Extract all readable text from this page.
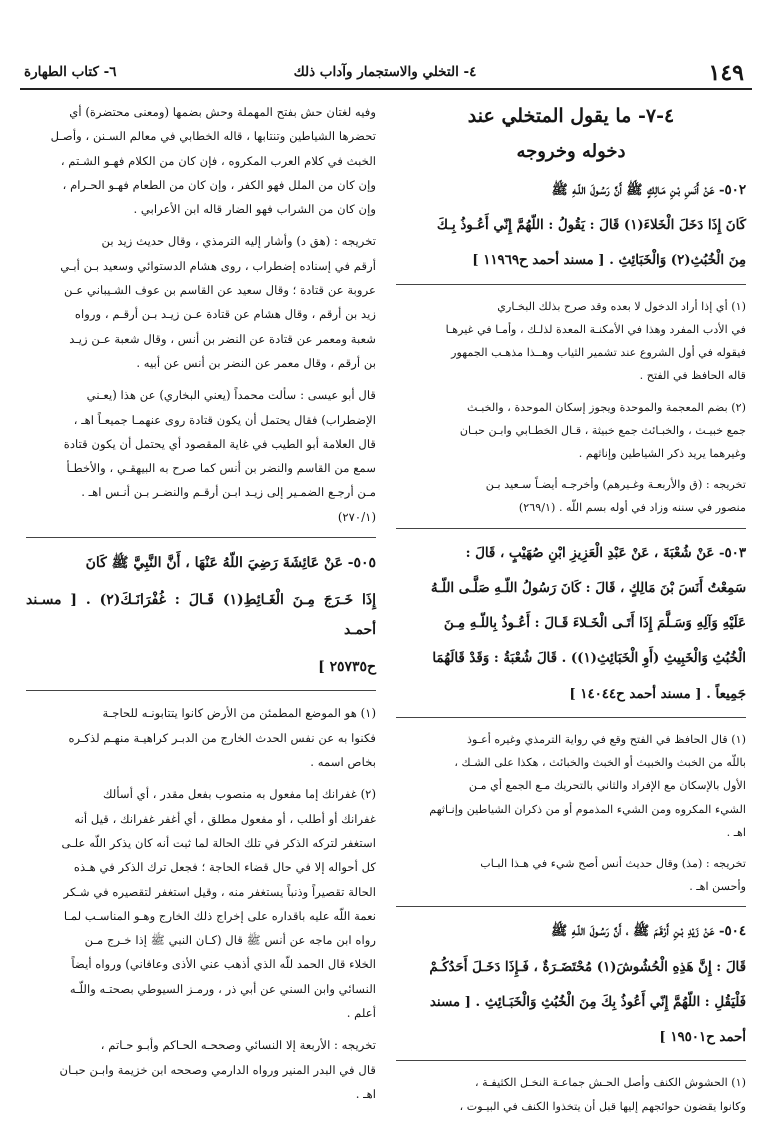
١٤٩
٤- التخلي والاستجمار وآداب ذلك
٦- كتاب الطهارة

٤-٧- ما يقول المتخلي عند

دخوله وخروجه

٥٠٢- عَنْ أَنَسِ بْـنِ مَـالِكٍ ﷺ أَنَّ رَسُـولَ اللّـهِ ﷺ

كَانَ إِذَا دَخَلَ الْخَلاءَ(١) قَالَ : يَقُولُ : اللّهُمَّ إِنّي أَعُـوذُ بِـكَ

مِنَ الْخُبُثِ(٢) وَالْخَبَائِثِ . [ مسند أحمد ح١١٩٦٩ ]

(١) أي إذا أراد الدخول لا بعده وقد صرح بذلك البخـاري

في الأدب المفرد وهذا في الأمكنـة المعدة لذلـك ، وأمـا في غيرهـا

فيقوله في أول الشروع عند تشمير الثياب وهــذا مذهـب الجمهور

قاله الحافظ في الفتح .

(٢) بضم المعجمة والموحدة ويجوز إسكان الموحدة ، والخبـث

جمع خبيـث ، والخبـائث جمع خبيثة ، قـال الخطـابي وابـن حبـان

وغيرهما يريد ذكر الشياطين وإناثهم .

تخريجه : (ق والأربعـة وغـيرهم) وأخرجـه أيضـاً سـعيد بـن

منصور في سننه وزاد في أوله بسم اللّه . (٢٦٩/١)

٥٠٣- عَنْ شُعْبَةَ ، عَنْ عَبْدِ الْعَزِيزِ ابْنِ صُهَيْبٍ ، قَالَ :

سَمِعْتُ أَنَسَ بْنَ مَالِكٍ ، قَالَ : كَانَ رَسُولُ اللّـهِ صَلَّـى اللّـهُ

عَلَيْهِ وَآلِهِ وَسَـلَّمَ إِذَا أَتَـى الْخَـلاءَ قَـالَ : أَعُـوذُ بِاللّـهِ مِـنَ

الْخُبُثِ وَالْخَبِيثِ (أَوِ الْخَبَائِثِ(١)) . قَالَ شُعْبَةُ : وَقَدْ قَالَهُمَا

جَمِيعاً . [ مسند أحمد ح١٤٠٤٤ ]

(١) قال الحافظ في الفتح وقع في رواية الترمذي وغيره أعـوذ

باللّه من الخبث والخبيث أو الخبث والخبائث ، هكذا على الشـك ،

الأول بالإسكان مع الإفراد والثاني بالتحريك مـع الجمع أي مـن

الشيء المكروه ومن الشيء المذموم أو من ذكران الشياطين وإنـاثهم

اهـ .

تخريجه : (مذ) وقال حديث أنس أصح شيء في هـذا البـاب

وأحسن اهـ .

٥٠٤- عَنْ زَيْدِ بْـنِ أَرْقَـمَ ﷺ ، أَنَّ رَسُـولَ اللّـهِ ﷺ

قَالَ : إِنَّ هَذِهِ الْحُشُوشَ(١) مُحْتَضَـرَةٌ ، فَـإِذَا دَخَـلَ أَحَدُكُـمْ

فَلْيَقُلِ : اللّهُمَّ إِنّي أَعُوذُ بِكَ مِنَ الْخُبُثِ وَالْخَبَـائِثِ . [ مسند

أحمد ح١٩٥٠١ ]

(١) الحشوش الكنف وأصل الحـش جماعـة النخـل الكثيفـة ،

وكانوا يقضون حوائجهم إليها قبل أن يتخذوا الكنف في البيـوت ،

وفيه لغتان حش بفتح المهملة وحش بضمها (ومعنى محتضرة) أي

تحضرها الشياطين وتنتابها ، قاله الخطابي في معالم السـنن ، وأصـل

الخبث في كلام العرب المكروه ، فإن كان من الكلام فهـو الشـتم ،

وإن كان من الملل فهو الكفر ، وإن كان من الطعام فهـو الحـرام ،

وإن كان من الشراب فهو الضار قاله ابن الأعرابي .

تخريجه : (هق د) وأشار إليه الترمذي ، وقال حديث زيد بن

أرقم في إسناده إضطراب ، روى هشام الدستوائي وسعيد بـن أبـي

عروبة عن قتادة ؛ وقال سعيد عن القاسم بن عوف الشـيباني عـن

زيد بن أرقم ، وقال هشام عن قتادة عـن زيـد بـن أرقـم ، ورواه

شعبة ومعمر عن قتادة عن النضر بن أنس ، وقال شعبة عـن زيـد

بن أرقم ، وقال معمر عن النضر بن أنس عن أبيه .

قال أبو عيسى : سألت محمداً (يعني البخاري) عن هذا (يعـني

الإضطراب) فقال يحتمل أن يكون قتادة روى عنهمـا جميعـاً اهـ ،

قال العلامة أبو الطيب في غاية المقصود أي يحتمل أن يكون قتادة

سمع من القاسم والنضر بن أنس كما صرح به البيهقـي ، والأخطـأ

مـن أرجـع الضمـير إلى زيـد ابـن أرقـم والنضـر بـن أنـس اهـ .

(٢٧٠/١)

٥٠٥- عَنْ عَائِشَةَ رَضِيَ اللّهُ عَنْهَا ، أَنَّ النَّبِيَّ ﷺ كَانَ

إِذَا خَـرَجَ مِـنَ الْغَـائِطِ(١) قَـالَ : غُفْرَانَـكَ(٢) . [ مسـند أحمـد

ح٢٥٧٣٥ ]

(١) هو الموضع المطمئن من الأرض كانوا يتتابونـه للحاجـة

فكنوا به عن نفس الحدث الخارج من الدبـر كراهيـة منهـم لذكـره

بخاص اسمه .

(٢) غفرانك إما مفعول به منصوب بفعل مقدر ، أي أسألك

غفرانك أو أطلب ، أو مفعول مطلق ، أي أغفر غفرانك ، قيل أنه

استغفر لتركه الذكر في تلك الحالة لما ثبت أنه كان يذكر اللّه علـى

كل أحواله إلا في حال قضاء الحاجة ؛ فجعل ترك الذكر في هـذه

الحالة تقصيراً وذنباً يستغفر منه ، وقيل استغفر لتقصيره في شـكر

نعمة اللّه عليه باقداره على إخراج ذلك الخارج وهـو المناسـب لمـا

رواه ابن ماجه عن أنس ﷺ قال (كـان النبي ﷺ إذا خـرج مـن

الخلاء قال الحمد للّه الذي أذهب عني الأذى وعافاني) ورواه أيضاً

النسائي وابن السني عن أبي ذر ، ورمـز السيوطي بصحتـه واللّـه

أعلم .

تخريجه : الأربعة إلا النسائي وصححـه الحـاكم وأبـو حـاتم ،

قال في البدر المنير ورواه الدارمي وصححه ابن خزيمة وابـن حبـان

اهـ .
